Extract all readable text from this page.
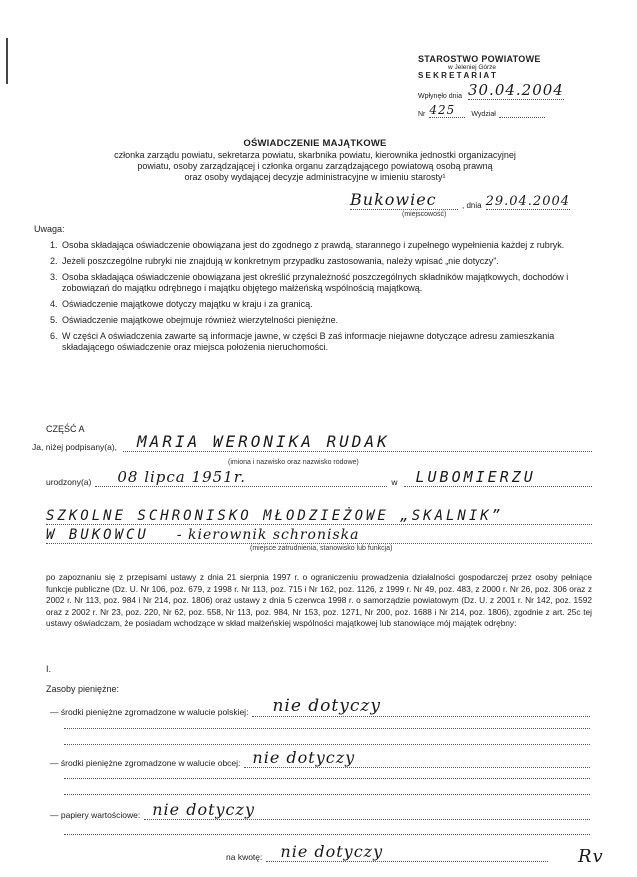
STAROSTWO POWIATOWE
w Jeleniej Górze
S E K R E T A R I A T
Wpłynęło dnia 30.04.2004
Nr 425	Wydział
OŚWIADCZENIE MAJĄTKOWE
członka zarządu powiatu, sekretarza powiatu, skarbnika powiatu, kierownika jednostki organizacyjnej
powiatu, osoby zarządzającej i członka organu zarządzającego powiatową osobą prawną
oraz osoby wydającej decyzje administracyjne w imieniu starosty¹
Bukowiec	, dnia 29.04.2004
(miejscowość)
Uwaga:
1. Osoba składająca oświadczenie obowiązana jest do zgodnego z prawdą, starannego i zupełnego wypełnienia każdej z rubryk.
2. Jeżeli poszczególne rubryki nie znajdują w konkretnym przypadku zastosowania, należy wpisać „nie dotyczy”.
3. Osoba składająca oświadczenie obowiązana jest określić przynależność poszczególnych składników majątkowych, dochodów i zobowiązań do majątku odrębnego i majątku objętego małżeńską wspólnością majątkową.
4. Oświadczenie majątkowe dotyczy majątku w kraju i za granicą.
5. Oświadczenie majątkowe obejmuje również wierzytelności pieniężne.
6. W części A oświadczenia zawarte są informacje jawne, w części B zaś informacje niejawne dotyczące adresu zamieszkania składającego oświadczenie oraz miejsca położenia nieruchomości.
CZĘŚĆ A
Ja, niżej podpisany(a),	MARIA WERONIKA RUDAK
(imiona i nazwisko oraz nazwisko rodowe)
urodzony(a)	08 lipca 1951r.	w	LUBOMIERZU
SZKOLNE SCHRONISKO MŁODZIEŻOWE „SKALNIK”
W BUKOWCU - kierownik schroniska
(miejsce zatrudnienia, stanowisko lub funkcja)
po zapoznaniu się z przepisami ustawy z dnia 21 sierpnia 1997 r. o ograniczeniu prowadzenia działalności gospodarczej przez osoby pełniące funkcje publiczne (Dz. U. Nr 106, poz. 679, z 1998 r. Nr 113, poz. 715 i Nr 162, poz. 1126, z 1999 r. Nr 49, poz. 483, z 2000 r. Nr 26, poz. 306 oraz z 2002 r. Nr 113, poz. 984 i Nr 214, poz. 1806) oraz ustawy z dnia 5 czerwca 1998 r. o samorządzie powiatowym (Dz. U. z 2001 r. Nr 142, poz. 1592 oraz z 2002 r. Nr 23, poz. 220, Nr 62, poz. 558, Nr 113, poz. 984, Nr 153, poz. 1271, Nr 200, poz. 1688 i Nr 214, poz. 1806), zgodnie z art. 25c tej ustawy oświadczam, że posiadam wchodzące w skład małżeńskiej wspólności majątkowej lub stanowiące mój majątek odrębny:
I.
Zasoby pieniężne:
— środki pieniężne zgromadzone w walucie polskiej:	nie dotyczy
— środki pieniężne zgromadzone w walucie obcej: nie dotyczy
— papiery wartościowe: nie dotyczy
na kwotę:	nie dotyczy	Rv
